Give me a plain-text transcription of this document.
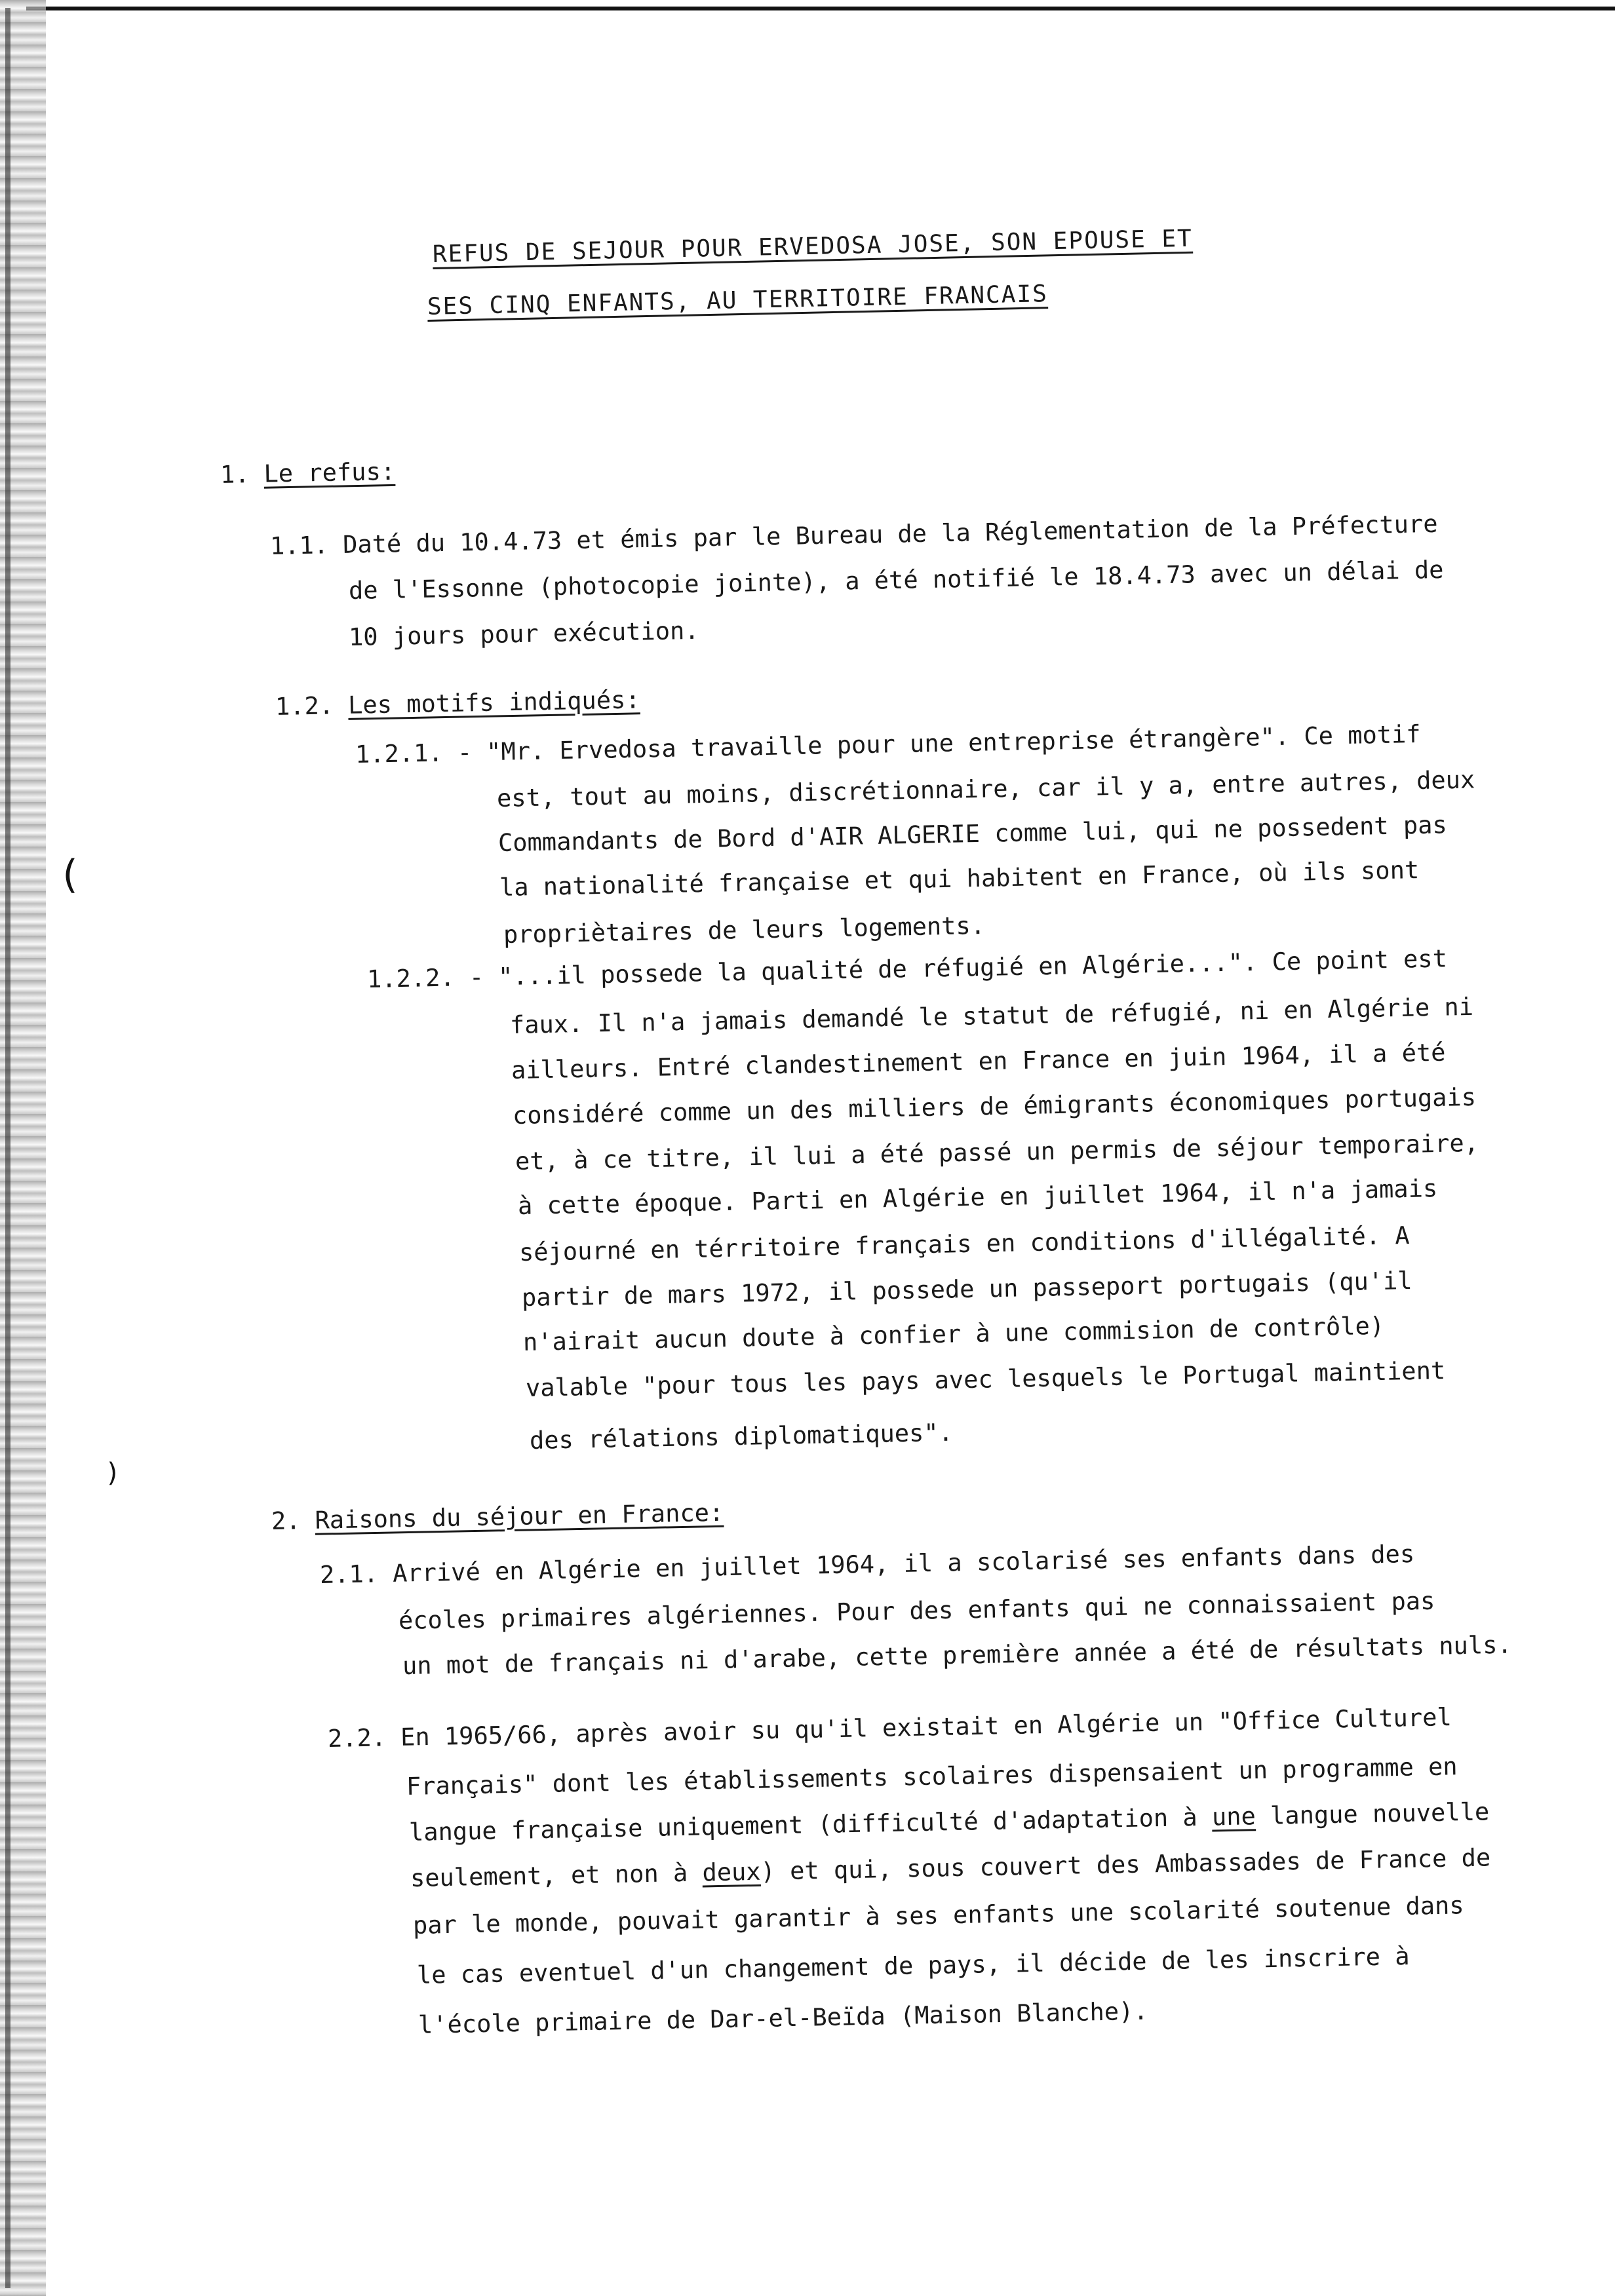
(
)
REFUS DE SEJOUR POUR ERVEDOSA JOSE, SON EPOUSE ET
SES CINQ ENFANTS, AU TERRITOIRE FRANCAIS
1. Le refus:
1.1. Daté du 10.4.73 et émis par le Bureau de la Réglementation de la Préfecture
de l'Essonne (photocopie jointe), a été notifié le 18.4.73 avec un délai de
10 jours pour exécution.
1.2. Les motifs indiqués:
1.2.1. - "Mr. Ervedosa travaille pour une entreprise étrangère". Ce motif
est, tout au moins, discrétionnaire, car il y a, entre autres, deux
Commandants de Bord d'AIR ALGERIE comme lui, qui ne possedent pas
la nationalité française et qui habitent en France, où ils sont
propriètaires de leurs logements.
1.2.2. - "...il possede la qualité de réfugié en Algérie...". Ce point est
faux. Il n'a jamais demandé le statut de réfugié, ni en Algérie ni
ailleurs. Entré clandestinement en France en juin 1964, il a été
considéré comme un des milliers de émigrants économiques portugais
et, à ce titre, il lui a été passé un permis de séjour temporaire,
à cette époque. Parti en Algérie en juillet 1964, il n'a jamais
séjourné en térritoire français en conditions d'illégalité. A
partir de mars 1972, il possede un passeport portugais (qu'il
n'airait aucun doute à confier à une commision de contrôle)
valable "pour tous les pays avec lesquels le Portugal maintient
des rélations diplomatiques".
2. Raisons du séjour en France:
2.1. Arrivé en Algérie en juillet 1964, il a scolarisé ses enfants dans des
écoles primaires algériennes. Pour des enfants qui ne connaissaient pas
un mot de français ni d'arabe, cette première année a été de résultats nuls.
2.2. En 1965/66, après avoir su qu'il existait en Algérie un "Office Culturel
Français" dont les établissements scolaires dispensaient un programme en
langue française uniquement (difficulté d'adaptation à une langue nouvelle
seulement, et non à deux) et qui, sous couvert des Ambassades de France de
par le monde, pouvait garantir à ses enfants une scolarité soutenue dans
le cas eventuel d'un changement de pays, il décide de les inscrire à
l'école primaire de Dar-el-Beïda (Maison Blanche).
